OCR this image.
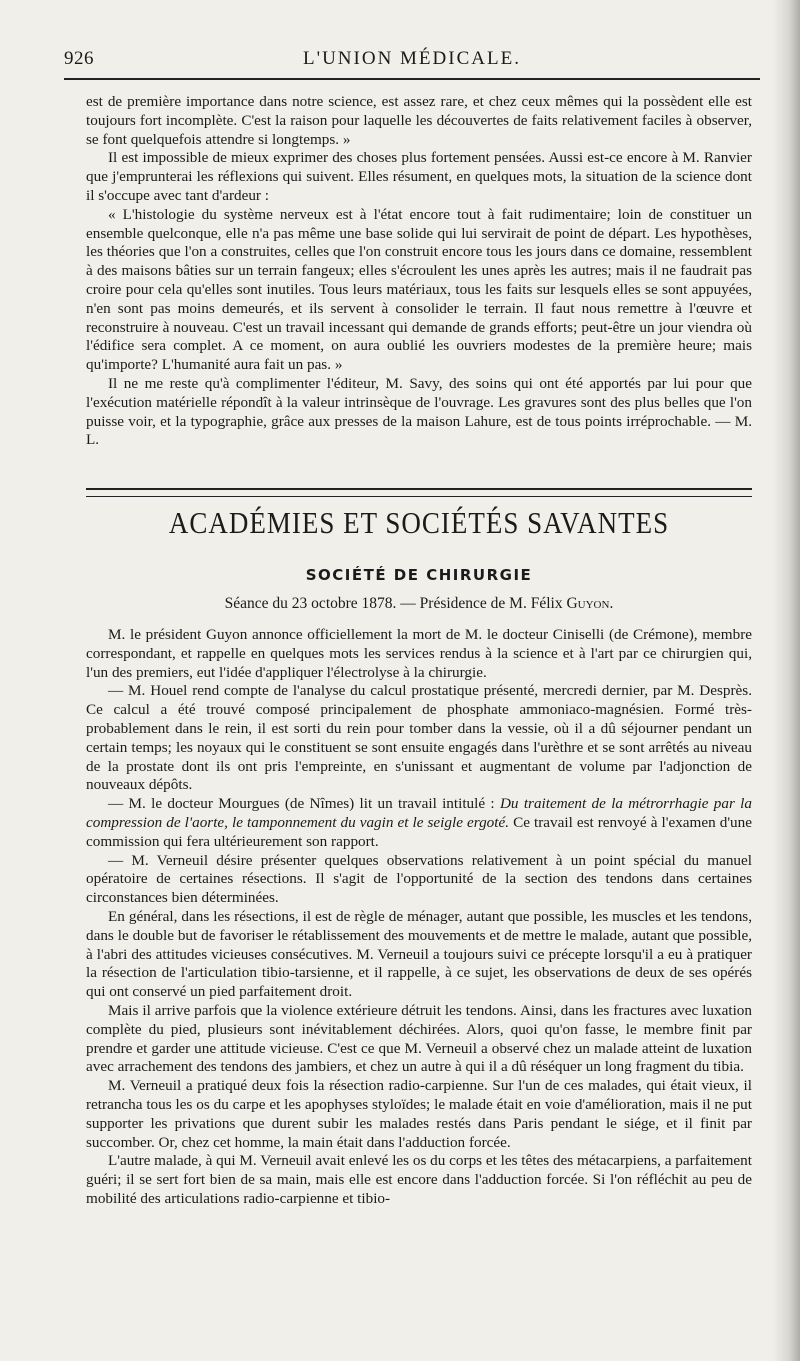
926	L'UNION MÉDICALE.

est de première importance dans notre science, est assez rare, et chez ceux mêmes qui la possèdent elle est toujours fort incomplète. C'est la raison pour laquelle les découvertes de faits relativement faciles à observer, se font quelquefois attendre si longtemps. »

Il est impossible de mieux exprimer des choses plus fortement pensées. Aussi est-ce encore à M. Ranvier que j'emprunterai les réflexions qui suivent. Elles résument, en quelques mots, la situation de la science dont il s'occupe avec tant d'ardeur :

« L'histologie du système nerveux est à l'état encore tout à fait rudimentaire; loin de constituer un ensemble quelconque, elle n'a pas même une base solide qui lui servirait de point de départ. Les hypothèses, les théories que l'on a construites, celles que l'on construit encore tous les jours dans ce domaine, ressemblent à des maisons bâties sur un terrain fangeux; elles s'écroulent les unes après les autres; mais il ne faudrait pas croire pour cela qu'elles sont inutiles. Tous leurs matériaux, tous les faits sur lesquels elles se sont appuyées, n'en sont pas moins demeurés, et ils servent à consolider le terrain. Il faut nous remettre à l'œuvre et reconstruire à nouveau. C'est un travail incessant qui demande de grands efforts; peut-être un jour viendra où l'édifice sera complet. A ce moment, on aura oublié les ouvriers modestes de la première heure; mais qu'importe? L'humanité aura fait un pas. »

Il ne me reste qu'à complimenter l'éditeur, M. Savy, des soins qui ont été apportés par lui pour que l'exécution matérielle répondît à la valeur intrinsèque de l'ouvrage. Les gravures sont des plus belles que l'on puisse voir, et la typographie, grâce aux presses de la maison Lahure, est de tous points irréprochable. — M. L.

ACADÉMIES ET SOCIÉTÉS SAVANTES
SOCIÉTÉ DE CHIRURGIE
Séance du 23 octobre 1878. — Présidence de M. Félix Guyon.

M. le président Guyon annonce officiellement la mort de M. le docteur Ciniselli (de Crémone), membre correspondant, et rappelle en quelques mots les services rendus à la science et à l'art par ce chirurgien qui, l'un des premiers, eut l'idée d'appliquer l'électrolyse à la chirurgie.

— M. Houel rend compte de l'analyse du calcul prostatique présenté, mercredi dernier, par M. Desprès. Ce calcul a été trouvé composé principalement de phosphate ammoniaco-magnésien. Formé très-probablement dans le rein, il est sorti du rein pour tomber dans la vessie, où il a dû séjourner pendant un certain temps; les noyaux qui le constituent se sont ensuite engagés dans l'urèthre et se sont arrêtés au niveau de la prostate dont ils ont pris l'empreinte, en s'unissant et augmentant de volume par l'adjonction de nouveaux dépôts.

— M. le docteur Mourgues (de Nîmes) lit un travail intitulé : Du traitement de la métrorrhagie par la compression de l'aorte, le tamponnement du vagin et le seigle ergoté. Ce travail est renvoyé à l'examen d'une commission qui fera ultérieurement son rapport.

— M. Verneuil désire présenter quelques observations relativement à un point spécial du manuel opératoire de certaines résections. Il s'agit de l'opportunité de la section des tendons dans certaines circonstances bien déterminées.

En général, dans les résections, il est de règle de ménager, autant que possible, les muscles et les tendons, dans le double but de favoriser le rétablissement des mouvements et de mettre le malade, autant que possible, à l'abri des attitudes vicieuses consécutives. M. Verneuil a toujours suivi ce précepte lorsqu'il a eu à pratiquer la résection de l'articulation tibio-tarsienne, et il rappelle, à ce sujet, les observations de deux de ses opérés qui ont conservé un pied parfaitement droit.

Mais il arrive parfois que la violence extérieure détruit les tendons. Ainsi, dans les fractures avec luxation complète du pied, plusieurs sont inévitablement déchirées. Alors, quoi qu'on fasse, le membre finit par prendre et garder une attitude vicieuse. C'est ce que M. Verneuil a observé chez un malade atteint de luxation avec arrachement des tendons des jambiers, et chez un autre à qui il a dû réséquer un long fragment du tibia.

M. Verneuil a pratiqué deux fois la résection radio-carpienne. Sur l'un de ces malades, qui était vieux, il retrancha tous les os du carpe et les apophyses styloïdes; le malade était en voie d'amélioration, mais il ne put supporter les privations que durent subir les malades restés dans Paris pendant le siége, et il finit par succomber. Or, chez cet homme, la main était dans l'adduction forcée.

L'autre malade, à qui M. Verneuil avait enlevé les os du corps et les têtes des métacarpiens, a parfaitement guéri; il se sert fort bien de sa main, mais elle est encore dans l'adduction forcée. Si l'on réfléchit au peu de mobilité des articulations radio-carpienne et tibio-
